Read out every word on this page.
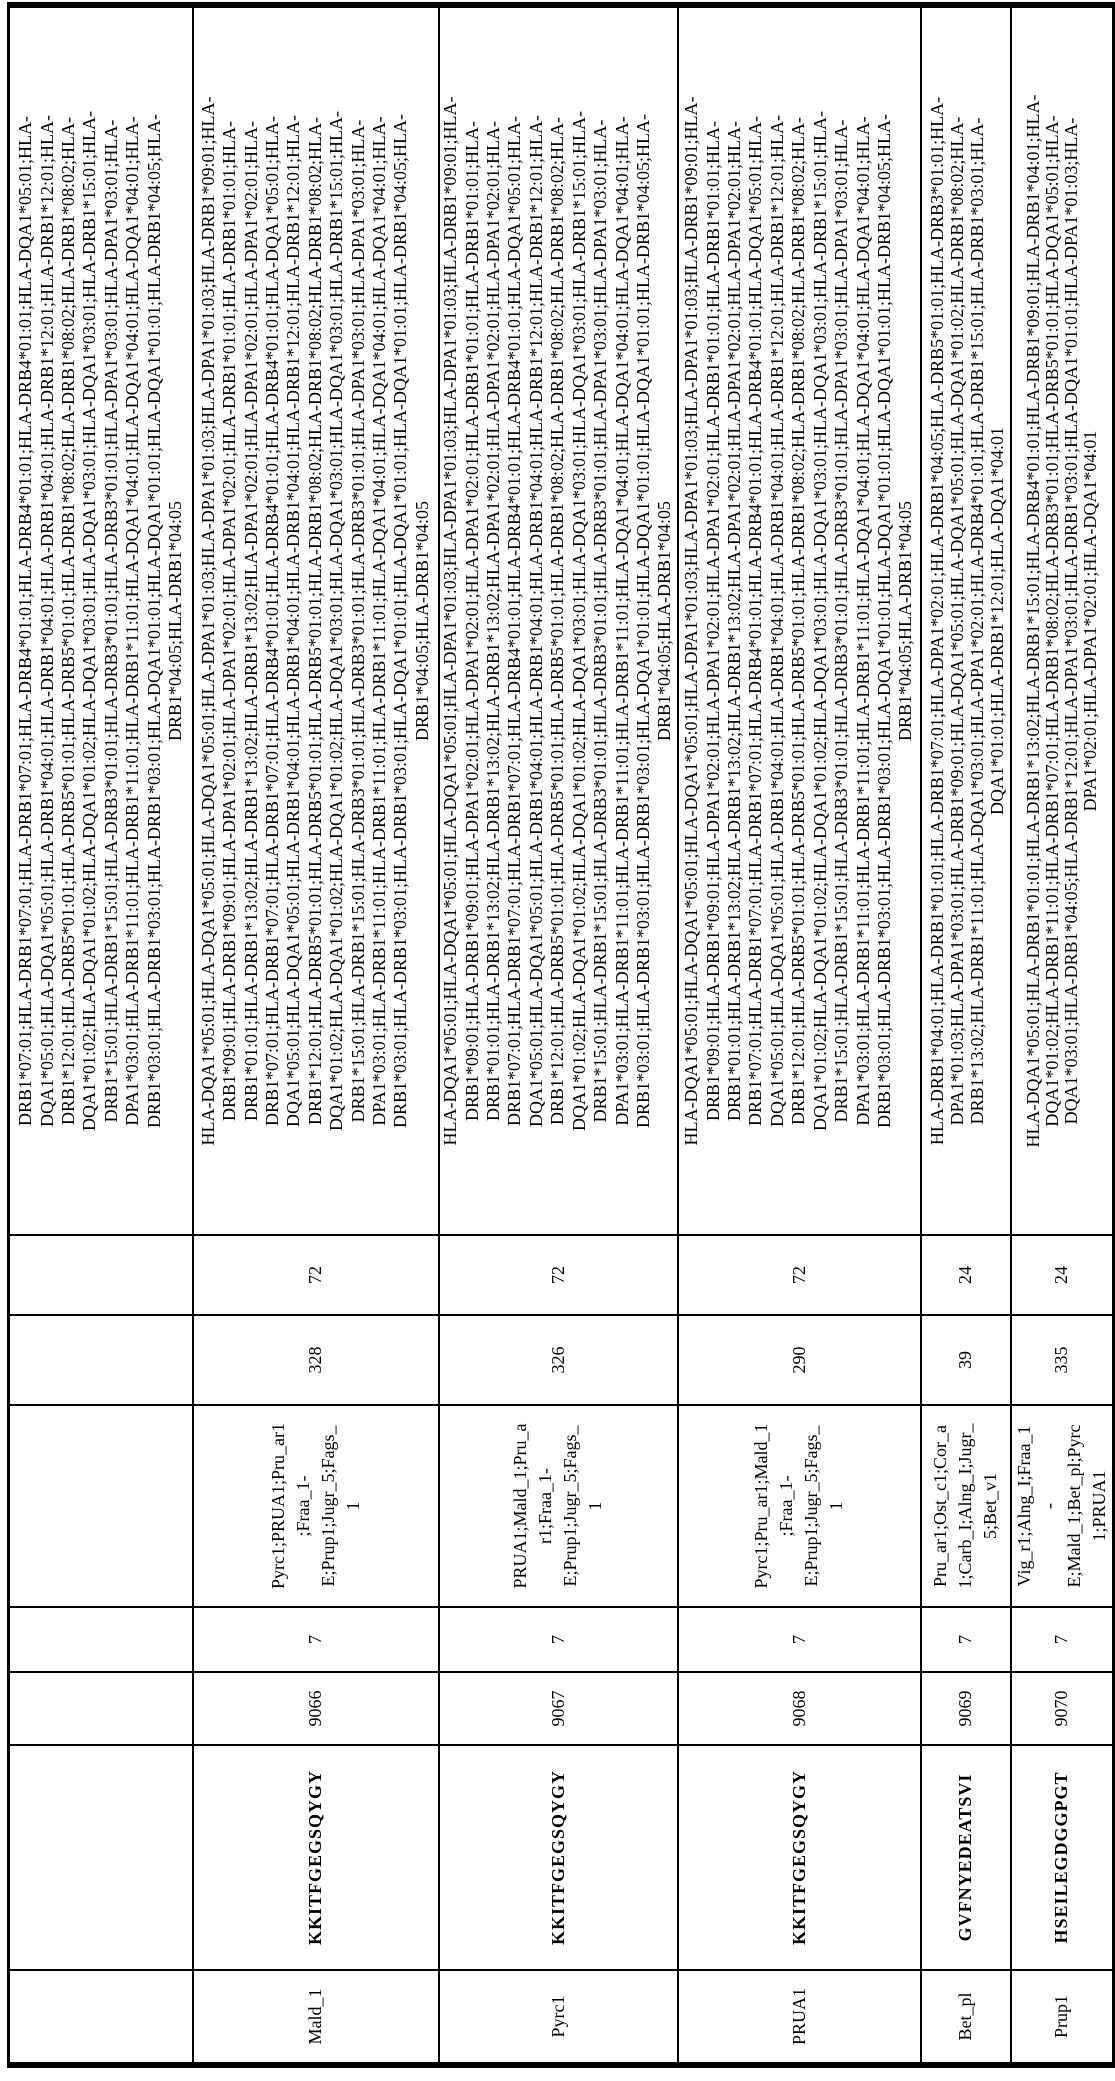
							DRB1*07:01;HLA-DRB1*07:01;HLA-DRB1*07:01;HLA-DRB4*01:01;HLA-DRB4*01:01;HLA-DRB4*01:01;HLA-DQA1*05:01;HLA-
DQA1*05:01;HLA-DQA1*05:01;HLA-DRB1*04:01;HLA-DRB1*04:01;HLA-DRB1*04:01;HLA-DRB1*12:01;HLA-DRB1*12:01;HLA-
DRB1*12:01;HLA-DRB5*01:01;HLA-DRB5*01:01;HLA-DRB5*01:01;HLA-DRB1*08:02;HLA-DRB1*08:02;HLA-DRB1*08:02;HLA-
DQA1*01:02;HLA-DQA1*01:02;HLA-DQA1*01:02;HLA-DQA1*03:01;HLA-DQA1*03:01;HLA-DQA1*03:01;HLA-DRB1*15:01;HLA-
DRB1*15:01;HLA-DRB1*15:01;HLA-DRB3*01:01;HLA-DRB3*01:01;HLA-DRB3*01:01;HLA-DPA1*03:01;HLA-DPA1*03:01;HLA-
DPA1*03:01;HLA-DRB1*11:01;HLA-DRB1*11:01;HLA-DRB1*11:01;HLA-DQA1*04:01;HLA-DQA1*04:01;HLA-DQA1*04:01;HLA-
DRB1*03:01;HLA-DRB1*03:01;HLA-DRB1*03:01;HLA-DQA1*01:01;HLA-DQA1*01:01;HLA-DQA1*01:01;HLA-DRB1*04:05;HLA-
DRB1*04:05;HLA-DRB1*04:05
Mald_1	KKITFGEGSQYGY	9066	7	Pyrc1;PRUA1;Pru_ar1
;Fraa_1-
E;Prup1;Jugr_5;Fags_
1	328	72	HLA-DQA1*05:01;HLA-DQA1*05:01;HLA-DQA1*05:01;HLA-DPA1*01:03;HLA-DPA1*01:03;HLA-DPA1*01:03;HLA-DRB1*09:01;HLA-
DRB1*09:01;HLA-DRB1*09:01;HLA-DPA1*02:01;HLA-DPA1*02:01;HLA-DPA1*02:01;HLA-DRB1*01:01;HLA-DRB1*01:01;HLA-
DRB1*01:01;HLA-DRB1*13:02;HLA-DRB1*13:02;HLA-DRB1*13:02;HLA-DPA1*02:01;HLA-DPA1*02:01;HLA-DPA1*02:01;HLA-
DRB1*07:01;HLA-DRB1*07:01;HLA-DRB1*07:01;HLA-DRB4*01:01;HLA-DRB4*01:01;HLA-DRB4*01:01;HLA-DQA1*05:01;HLA-
DQA1*05:01;HLA-DQA1*05:01;HLA-DRB1*04:01;HLA-DRB1*04:01;HLA-DRB1*04:01;HLA-DRB1*12:01;HLA-DRB1*12:01;HLA-
DRB1*12:01;HLA-DRB5*01:01;HLA-DRB5*01:01;HLA-DRB5*01:01;HLA-DRB1*08:02;HLA-DRB1*08:02;HLA-DRB1*08:02;HLA-
DQA1*01:02;HLA-DQA1*01:02;HLA-DQA1*01:02;HLA-DQA1*03:01;HLA-DQA1*03:01;HLA-DQA1*03:01;HLA-DRB1*15:01;HLA-
DRB1*15:01;HLA-DRB1*15:01;HLA-DRB3*01:01;HLA-DRB3*01:01;HLA-DRB3*01:01;HLA-DPA1*03:01;HLA-DPA1*03:01;HLA-
DPA1*03:01;HLA-DRB1*11:01;HLA-DRB1*11:01;HLA-DRB1*11:01;HLA-DQA1*04:01;HLA-DQA1*04:01;HLA-DQA1*04:01;HLA-
DRB1*03:01;HLA-DRB1*03:01;HLA-DRB1*03:01;HLA-DQA1*01:01;HLA-DQA1*01:01;HLA-DQA1*01:01;HLA-DRB1*04:05;HLA-
DRB1*04:05;HLA-DRB1*04:05
Pyrc1	KKITFGEGSQYGY	9067	7	PRUA1;Mald_1;Pru_a
r1;Fraa_1-
E;Prup1;Jugr_5;Fags_
1	326	72	HLA-DQA1*05:01;HLA-DQA1*05:01;HLA-DQA1*05:01;HLA-DPA1*01:03;HLA-DPA1*01:03;HLA-DPA1*01:03;HLA-DRB1*09:01;HLA-
DRB1*09:01;HLA-DRB1*09:01;HLA-DPA1*02:01;HLA-DPA1*02:01;HLA-DPA1*02:01;HLA-DRB1*01:01;HLA-DRB1*01:01;HLA-
DRB1*01:01;HLA-DRB1*13:02;HLA-DRB1*13:02;HLA-DRB1*13:02;HLA-DPA1*02:01;HLA-DPA1*02:01;HLA-DPA1*02:01;HLA-
DRB1*07:01;HLA-DRB1*07:01;HLA-DRB1*07:01;HLA-DRB4*01:01;HLA-DRB4*01:01;HLA-DRB4*01:01;HLA-DQA1*05:01;HLA-
DQA1*05:01;HLA-DQA1*05:01;HLA-DRB1*04:01;HLA-DRB1*04:01;HLA-DRB1*04:01;HLA-DRB1*12:01;HLA-DRB1*12:01;HLA-
DRB1*12:01;HLA-DRB5*01:01;HLA-DRB5*01:01;HLA-DRB5*01:01;HLA-DRB1*08:02;HLA-DRB1*08:02;HLA-DRB1*08:02;HLA-
DQA1*01:02;HLA-DQA1*01:02;HLA-DQA1*01:02;HLA-DQA1*03:01;HLA-DQA1*03:01;HLA-DQA1*03:01;HLA-DRB1*15:01;HLA-
DRB1*15:01;HLA-DRB1*15:01;HLA-DRB3*01:01;HLA-DRB3*01:01;HLA-DRB3*01:01;HLA-DPA1*03:01;HLA-DPA1*03:01;HLA-
DPA1*03:01;HLA-DRB1*11:01;HLA-DRB1*11:01;HLA-DRB1*11:01;HLA-DQA1*04:01;HLA-DQA1*04:01;HLA-DQA1*04:01;HLA-
DRB1*03:01;HLA-DRB1*03:01;HLA-DRB1*03:01;HLA-DQA1*01:01;HLA-DQA1*01:01;HLA-DQA1*01:01;HLA-DRB1*04:05;HLA-
DRB1*04:05;HLA-DRB1*04:05
PRUA1	KKITFGEGSQYGY	9068	7	Pyrc1;Pru_ar1;Mald_1
;Fraa_1-
E;Prup1;Jugr_5;Fags_
1	290	72	HLA-DQA1*05:01;HLA-DQA1*05:01;HLA-DQA1*05:01;HLA-DPA1*01:03;HLA-DPA1*01:03;HLA-DPA1*01:03;HLA-DRB1*09:01;HLA-
DRB1*09:01;HLA-DRB1*09:01;HLA-DPA1*02:01;HLA-DPA1*02:01;HLA-DPA1*02:01;HLA-DRB1*01:01;HLA-DRB1*01:01;HLA-
DRB1*01:01;HLA-DRB1*13:02;HLA-DRB1*13:02;HLA-DRB1*13:02;HLA-DPA1*02:01;HLA-DPA1*02:01;HLA-DPA1*02:01;HLA-
DRB1*07:01;HLA-DRB1*07:01;HLA-DRB1*07:01;HLA-DRB4*01:01;HLA-DRB4*01:01;HLA-DRB4*01:01;HLA-DQA1*05:01;HLA-
DQA1*05:01;HLA-DQA1*05:01;HLA-DRB1*04:01;HLA-DRB1*04:01;HLA-DRB1*04:01;HLA-DRB1*12:01;HLA-DRB1*12:01;HLA-
DRB1*12:01;HLA-DRB5*01:01;HLA-DRB5*01:01;HLA-DRB5*01:01;HLA-DRB1*08:02;HLA-DRB1*08:02;HLA-DRB1*08:02;HLA-
DQA1*01:02;HLA-DQA1*01:02;HLA-DQA1*01:02;HLA-DQA1*03:01;HLA-DQA1*03:01;HLA-DQA1*03:01;HLA-DRB1*15:01;HLA-
DRB1*15:01;HLA-DRB1*15:01;HLA-DRB3*01:01;HLA-DRB3*01:01;HLA-DRB3*01:01;HLA-DPA1*03:01;HLA-DPA1*03:01;HLA-
DPA1*03:01;HLA-DRB1*11:01;HLA-DRB1*11:01;HLA-DRB1*11:01;HLA-DQA1*04:01;HLA-DQA1*04:01;HLA-DQA1*04:01;HLA-
DRB1*03:01;HLA-DRB1*03:01;HLA-DRB1*03:01;HLA-DQA1*01:01;HLA-DQA1*01:01;HLA-DQA1*01:01;HLA-DRB1*04:05;HLA-
DRB1*04:05;HLA-DRB1*04:05
Bet_pl	GVFNYEDEATSVI	9069	7	Pru_ar1;Ost_c1;Cor_a
1;Carb_I;Alng_I;Jugr_
5;Bet_v1	39	24	HLA-DRB1*04:01;HLA-DRB1*01:01;HLA-DRB1*07:01;HLA-DPA1*02:01;HLA-DRB1*04:05;HLA-DRB5*01:01;HLA-DRB3*01:01;HLA-
DPA1*01:03;HLA-DPA1*03:01;HLA-DRB1*09:01;HLA-DQA1*05:01;HLA-DQA1*05:01;HLA-DQA1*01:02;HLA-DRB1*08:02;HLA-
DRB1*13:02;HLA-DRB1*11:01;HLA-DQA1*03:01;HLA-DPA1*02:01;HLA-DRB4*01:01;HLA-DRB1*15:01;HLA-DRB1*03:01;HLA-
DQA1*01:01;HLA-DRB1*12:01;HLA-DQA1*04:01
Prup1	HSEILEGDGGPGT	9070	7	Vig_r1;Alng_I;Fraa_1
-
E;Mald_1;Bet_pl;Pyrc
1;PRUA1	335	24	HLA-DQA1*05:01;HLA-DRB1*01:01;HLA-DRB1*13:02;HLA-DRB1*15:01;HLA-DRB4*01:01;HLA-DRB1*09:01;HLA-DRB1*04:01;HLA-
DQA1*01:02;HLA-DRB1*11:01;HLA-DRB1*07:01;HLA-DRB1*08:02;HLA-DRB3*01:01;HLA-DRB5*01:01;HLA-DQA1*05:01;HLA-
DQA1*03:01;HLA-DRB1*04:05;HLA-DRB1*12:01;HLA-DPA1*03:01;HLA-DRB1*03:01;HLA-DQA1*01:01;HLA-DPA1*01:03;HLA-
DPA1*02:01;HLA-DPA1*02:01;HLA-DQA1*04:01
